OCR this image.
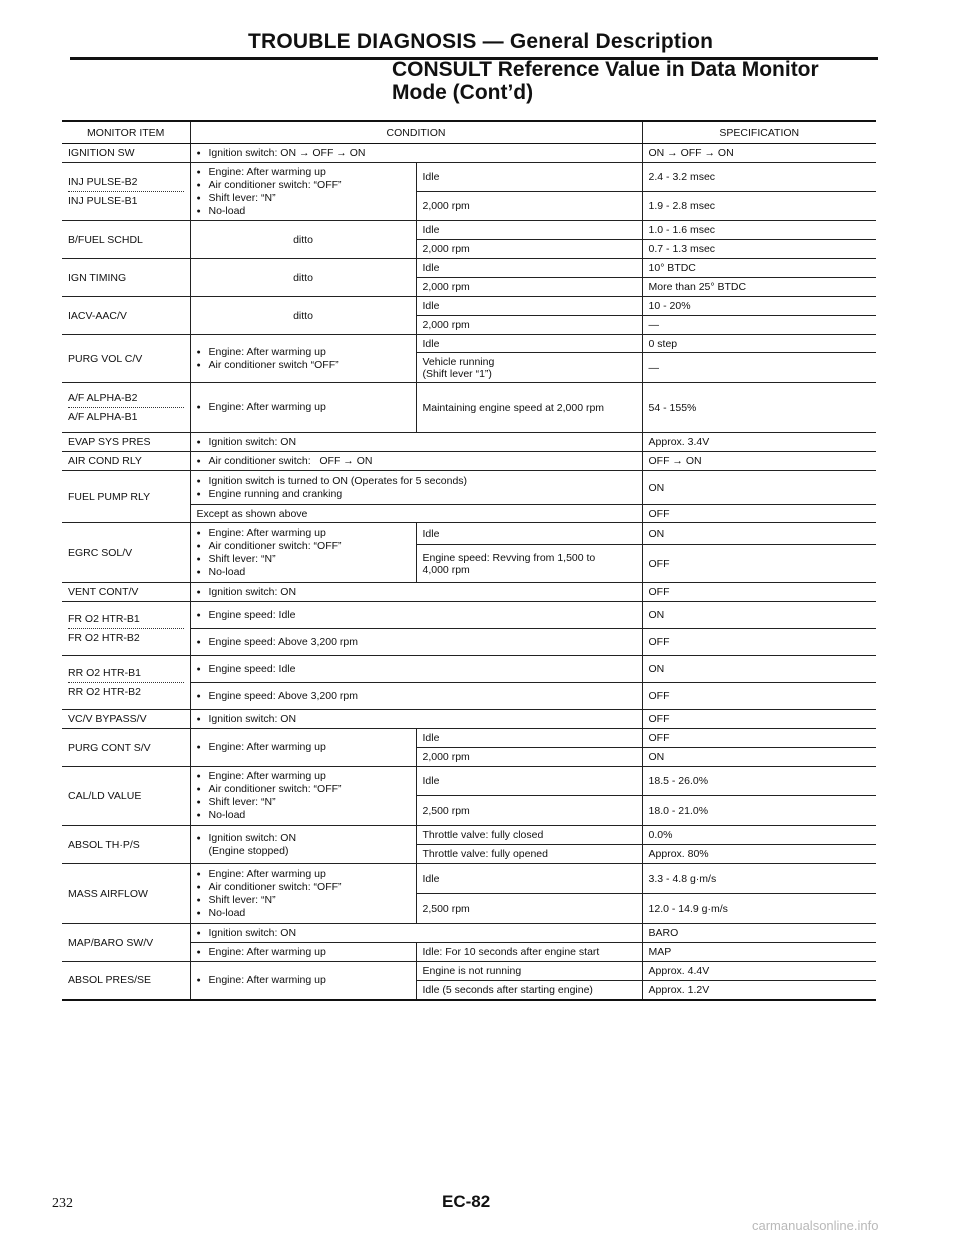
TROUBLE DIAGNOSIS — General Description
CONSULT Reference Value in Data Monitor
Mode (Cont’d)
MONITOR ITEM	CONDITION		SPECIFICATION
IGNITION SW	● Ignition switch: ON → OFF → ON		ON → OFF → ON

INJ PULSE-B2
INJ PULSE-B1	● Engine: After warming up
● Air conditioner switch: “OFF”
● Shift lever: “N”
● No-load	Idle	2.4 - 3.2 msec
		2,000 rpm	1.9 - 2.8 msec
B/FUEL SCHDL	ditto	Idle	1.0 - 1.6 msec
		2,000 rpm	0.7 - 1.3 msec
IGN TIMING	ditto	Idle	10° BTDC
		2,000 rpm	More than 25° BTDC
IACV-AAC/V	ditto	Idle	10 - 20%
		2,000 rpm	—
PURG VOL C/V	● Engine: After warming up
● Air conditioner switch “OFF”	Idle	0 step

		Vehicle running
(Shift lever “1”)	—

A/F ALPHA-B2
A/F ALPHA-B1	● Engine: After warming up	Maintaining engine speed at 2,000 rpm	54 - 155%
EVAP SYS PRES	● Ignition switch: ON		Approx. 3.4V
AIR COND RLY	● Air conditioner switch:   OFF → ON		OFF → ON
FUEL PUMP RLY	● Ignition switch is turned to ON (Operates for 5 seconds)
● Engine running and cranking		ON
	Except as shown above		OFF
EGRC SOL/V	● Engine: After warming up
● Air conditioner switch: “OFF”
● Shift lever: “N”
● No-load	Idle	ON

		Engine speed: Revving from 1,500 to
4,000 rpm	OFF
VENT CONT/V	● Ignition switch: ON		OFF

FR O2 HTR-B1
FR O2 HTR-B2	● Engine speed: Idle		ON

	● Engine speed: Above 3,200 rpm		OFF

RR O2 HTR-B1
RR O2 HTR-B2	● Engine speed: Idle		ON

	● Engine speed: Above 3,200 rpm		OFF
VC/V BYPASS/V	● Ignition switch: ON		OFF
PURG CONT S/V	● Engine: After warming up	Idle	OFF
		2,000 rpm	ON
CAL/LD VALUE	● Engine: After warming up
● Air conditioner switch: “OFF”
● Shift lever: “N”
● No-load	Idle	18.5 - 26.0%
		2,500 rpm	18.0 - 21.0%
ABSOL TH·P/S	● Ignition switch: ON
(Engine stopped)	Throttle valve: fully closed	0.0%
		Throttle valve: fully opened	Approx. 80%
MASS AIRFLOW	● Engine: After warming up
● Air conditioner switch: “OFF”
● Shift lever: “N”
● No-load	Idle	3.3 - 4.8 g·m/s
		2,500 rpm	12.0 - 14.9 g·m/s
MAP/BARO SW/V	● Ignition switch: ON		BARO

	● Engine: After warming up	Idle: For 10 seconds after engine start	MAP
ABSOL PRES/SE	● Engine: After warming up	Engine is not running	Approx. 4.4V
		Idle (5 seconds after starting engine)	Approx. 1.2V
232	EC-82
carmanualsonline.info
